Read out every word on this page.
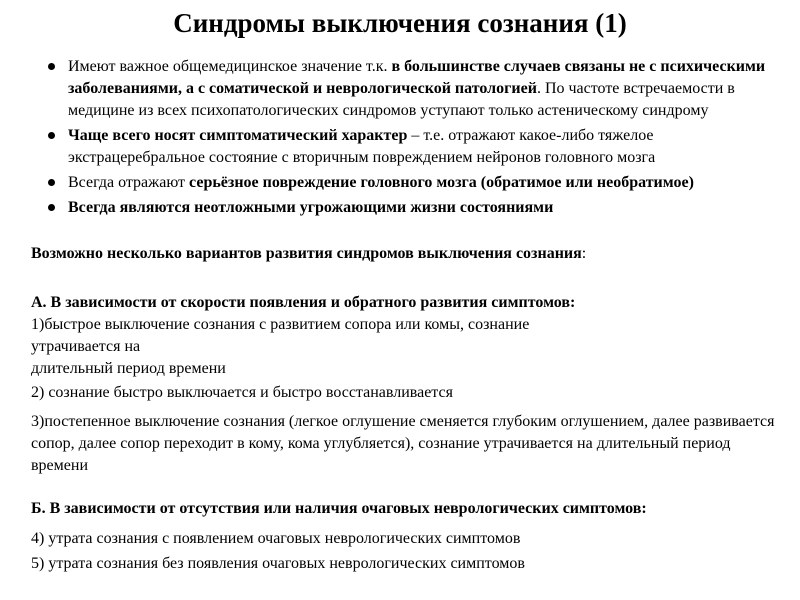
Синдромы выключения сознания (1)
Имеют важное общемедицинское значение т.к. в большинстве случаев связаны не с психическими заболеваниями, а с соматической и неврологической патологией. По частоте встречаемости в медицине из всех психопатологических синдромов уступают только астеническому синдрому
Чаще всего носят симптоматический характер – т.е. отражают какое-либо тяжелое экстрацеребральное состояние с вторичным повреждением нейронов головного мозга
Всегда отражают серьёзное повреждение головного мозга (обратимое или необратимое)
Всегда являются неотложными угрожающими жизни состояниями

Возможно несколько вариантов развития синдромов выключения сознания:

А. В зависимости от скорости появления и обратного развития симптомов:

1)быстрое выключение сознания с развитием сопора или комы, сознание

утрачивается на

длительный период времени

2) сознание быстро выключается и быстро восстанавливается

3)постепенное выключение сознания (легкое оглушение сменяется глубоким оглушением, далее развивается сопор, далее сопор переходит в кому, кома углубляется), сознание утрачивается на длительный период времени

Б. В зависимости от отсутствия или наличия очаговых неврологических симптомов:

4) утрата сознания с появлением очаговых неврологических симптомов

5) утрата сознания без появления очаговых неврологических симптомов
